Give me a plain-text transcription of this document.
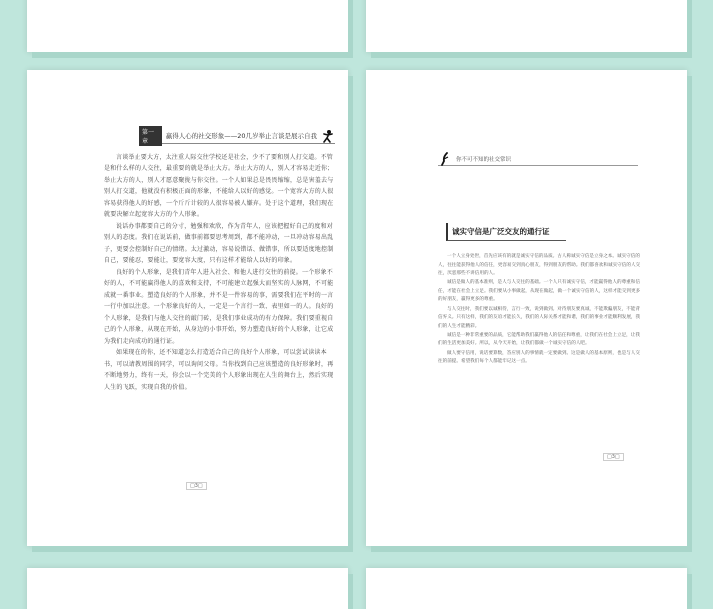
第一章
赢得人心的社交形象——20几岁举止言谈是展示自我

言谈举止要大方，太注重人际交往学校还是社会，少不了要和别人打交道。不管是和什么样的人交往，最重要的就是举止大方。举止大方的人，别人才容易走近你；举止大方的人，别人才愿意聚拢与你交往。一个人如果总是畏畏缩缩，总是害羞去与别人打交道，他就没有积极正面的形象，不能给人以好的感觉。一个宽容大方的人很容易获得他人的好感，一个斤斤计较的人很容易被人嫌弃。处于这个道理，我们现在就要决解立起宽容大方的个人形象。

说话办事都要自己的分寸，勉强和欢欣，作为青年人，应该把握好自己的度和对别人的态度。我们在说话前，做事前都要思考周到，都不能冲动，一旦冲动容易出乱子，更要会控制好自己的情绪。太过激动，容易说错话、做错事，所以要适度地控制自己，要能忍，要能让，要宽容大度，只有这样才能给人以好的印象。

良好的个人形象，是我们青年人进入社会、和他人进行交往的前提。一个形象不好的人，不可能赢得他人的喜欢和支持，不可能建立起强大而坚实的人脉网，不可能成就一番事业。塑造良好的个人形象，并不是一件容易的事，需要我们在平时的一言一行中加以注意。一个形象良好的人，一定是一个言行一致、表里如一的人。良好的个人形象，是我们与他人交往的敲门砖，是我们事业成功的有力保障。我们要重视自己的个人形象，从现在开始，从身边的小事开始，努力塑造良好的个人形象，让它成为我们走向成功的通行证。

如果现在的你，还不知道怎么打造适合自己的良好个人形象，可以尝试读读本书，可以请教周围的同学，可以询问父母。当你找到自己应该塑造的良好形象时，再不断地努力，终有一天，你会以一个完美的个人形象出现在人生的舞台上，然后实现人生的飞跃，实现自我的价值。

□3□
你不可不知的社交常识
诚实守信是广泛交友的通行证

一个人立身处世，首先应该有的就是诚实守信的品质。古人称诚实守信是立身之本。诚实守信的人，往往能获得他人的信任，更容易交到真心朋友，得到朋友的帮助。我们都喜欢和诚实守信的人交往，厌恶那些不讲信用的人。

诚信是做人的基本准则，是人与人交往的基础。一个人只有诚实守信，才能赢得他人的尊重和信任，才能在社会上立足。我们要从小事做起，从现在做起，做一个诚实守信的人，这样才能交到更多的好朋友，赢得更多的尊重。

与人交往时，我们要以诚相待，言行一致，说到做到。对待朋友要真诚，不能欺骗朋友，不能背信弃义。只有这样，我们的友谊才能长久，我们的人际关系才能和谐，我们的事业才能顺利发展，我们的人生才能精彩。

诚信是一种非常重要的品质，它能帮助我们赢得他人的信任和尊重，让我们在社会上立足，让我们的生活更加美好。所以，从今天开始，让我们都做一个诚实守信的人吧。

做人要守信用，说话要算数，答应别人的事情就一定要做到。这是做人的基本原则，也是与人交往的前提。希望我们每个人都能牢记这一点。

□3□
